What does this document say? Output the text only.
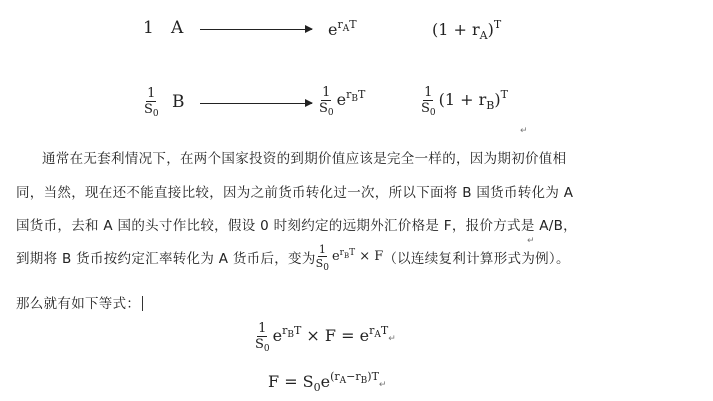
1 A	$e^{r_AT}$	$(1 + r_A)^T$
$\frac{1}{S_0}$ B	$\frac{1}{S_0} e^{r_BT}$	$\frac{1}{S_0} (1 + r_B)^T$
↵
通常在无套利情况下，在两个国家投资的到期价值应该是完全一样的，因为期初价值相
同，当然，现在还不能直接比较，因为之前货币转化过一次，所以下面将 B 国货币转化为 A
国货币，去和 A 国的头寸作比较，假设 0 时刻约定的远期外汇价格是 F，报价方式是 A/B，
到期将 B 货币按约定汇率转化为 A 货币后，变为 $\frac{1}{S_0} e^{r_BT} \times F$ （以连续复利计算形式为例）。
↵
那么就有如下等式：
$\frac{1}{S_0} e^{r_BT} \times F$ = $e^{r_AT}↵$
$F = S_0e^{(r_A-r_B)T}↵$
